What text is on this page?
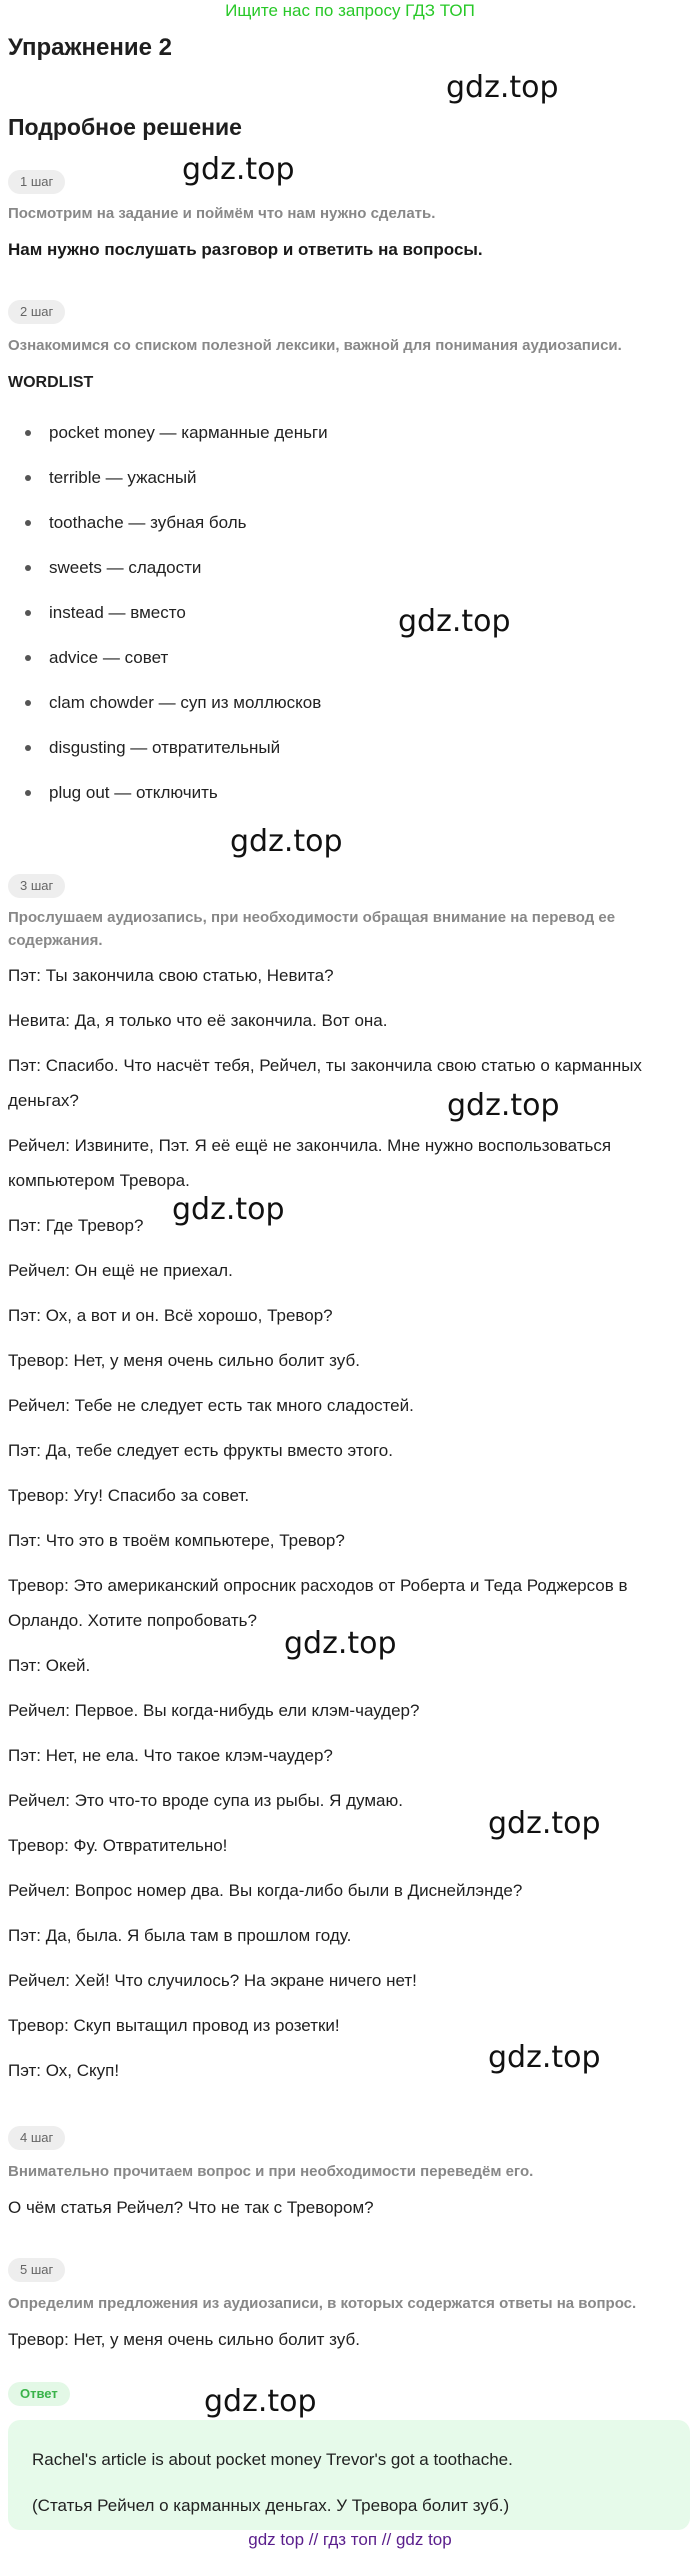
Ищите нас по запросу ГДЗ ТОП
Упражнение 2
gdz.top
Подробное решение
1 шаг	gdz.top
Посмотрим на задание и поймём что нам нужно сделать.
Нам нужно послушать разговор и ответить на вопросы.
2 шаг
Ознакомимся со списком полезной лексики, важной для понимания аудиозаписи.
WORDLIST
pocket money — карманные деньги
terrible — ужасный
toothache — зубная боль
sweets — сладости
instead — вместо
advice — совет
clam chowder — суп из моллюсков
disgusting — отвратительный
plug out — отключить
gdz.top
gdz.top
3 шаг
Прослушаем аудиозапись, при необходимости обращая внимание на перевод ее содержания.

Пэт: Ты закончила свою статью, Невита?

Невита: Да, я только что её закончила. Вот она.

Пэт: Спасибо. Что насчёт тебя, Рейчел, ты закончила свою статью о карманных деньгах?

Рейчел: Извините, Пэт. Я её ещё не закончила. Мне нужно воспользоваться компьютером Тревора.

Пэт: Где Тревор?

Рейчел: Он ещё не приехал.

Пэт: Ох, а вот и он. Всё хорошо, Тревор?

Тревор: Нет, у меня очень сильно болит зуб.

Рейчел: Тебе не следует есть так много сладостей.

Пэт: Да, тебе следует есть фрукты вместо этого.

Тревор: Угу! Спасибо за совет.

Пэт: Что это в твоём компьютере, Тревор?

Тревор: Это американский опросник расходов от Роберта и Теда Роджерсов в Орландо. Хотите попробовать?

Пэт: Окей.

Рейчел: Первое. Вы когда-нибудь ели клэм-чаудер?

Пэт: Нет, не ела. Что такое клэм-чаудер?

Рейчел: Это что-то вроде супа из рыбы. Я думаю.

Тревор: Фу. Отвратительно!

Рейчел: Вопрос номер два. Вы когда-либо были в Диснейлэнде?

Пэт: Да, была. Я была там в прошлом году.

Рейчел: Хей! Что случилось? На экране ничего нет!

Тревор: Скуп вытащил провод из розетки!

Пэт: Ох, Скуп!

gdz.top
gdz.top
gdz.top
gdz.top
gdz.top
4 шаг
Внимательно прочитаем вопрос и при необходимости переведём его.
О чём статья Рейчел? Что не так с Тревором?
5 шаг
Определим предложения из аудиозаписи, в которых содержатся ответы на вопрос.
Тревор: Нет, у меня очень сильно болит зуб.
Ответ
Rachel's article is about pocket money Trevor's got a toothache.
(Статья Рейчел о карманных деньгах. У Тревора болит зуб.)
gdz.top
gdz top // гдз топ // gdz top
